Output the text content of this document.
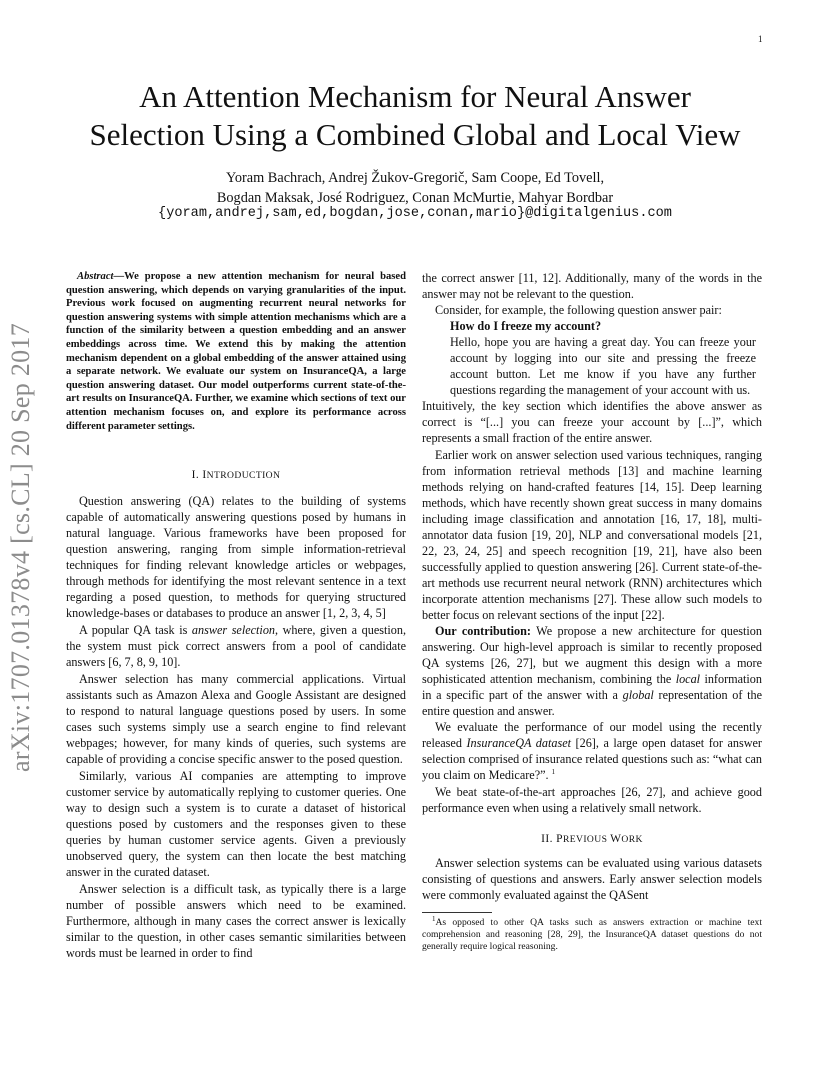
1
arXiv:1707.01378v4 [cs.CL] 20 Sep 2017
An Attention Mechanism for Neural Answer
Selection Using a Combined Global and Local View
Yoram Bachrach, Andrej Žukov-Gregorič, Sam Coope, Ed Tovell,
Bogdan Maksak, José Rodriguez, Conan McMurtie, Mahyar Bordbar
{yoram,andrej,sam,ed,bogdan,jose,conan,mario}@digitalgenius.com

Abstract—We propose a new attention mechanism for neural based question answering, which depends on varying granularities of the input. Previous work focused on augmenting recurrent neural networks for question answering systems with simple attention mechanisms which are a function of the similarity between a question embedding and an answer embeddings across time. We extend this by making the attention mechanism dependent on a global embedding of the answer attained using a separate network. We evaluate our system on InsuranceQA, a large question answering dataset. Our model outperforms current state-of-the-art results on InsuranceQA. Further, we examine which sections of text our attention mechanism focuses on, and explore its performance across different parameter settings.

I. INTRODUCTION

Question answering (QA) relates to the building of systems capable of automatically answering questions posed by humans in natural language. Various frameworks have been proposed for question answering, ranging from simple information-retrieval techniques for finding relevant knowledge articles or webpages, through methods for identifying the most relevant sentence in a text regarding a posed question, to methods for querying structured knowledge-bases or databases to produce an answer [1, 2, 3, 4, 5]

A popular QA task is answer selection, where, given a question, the system must pick correct answers from a pool of candidate answers [6, 7, 8, 9, 10].

Answer selection has many commercial applications. Virtual assistants such as Amazon Alexa and Google Assistant are designed to respond to natural language questions posed by users. In some cases such systems simply use a search engine to find relevant webpages; however, for many kinds of queries, such systems are capable of providing a concise specific answer to the posed question.

Similarly, various AI companies are attempting to improve customer service by automatically replying to customer queries. One way to design such a system is to curate a dataset of historical questions posed by customers and the responses given to these queries by human customer service agents. Given a previously unobserved query, the system can then locate the best matching answer in the curated dataset.

Answer selection is a difficult task, as typically there is a large number of possible answers which need to be examined. Furthermore, although in many cases the correct answer is lexically similar to the question, in other cases semantic similarities between words must be learned in order to find

the correct answer [11, 12]. Additionally, many of the words in the answer may not be relevant to the question.

Consider, for example, the following question answer pair:

How do I freeze my account?

Hello, hope you are having a great day. You can freeze your account by logging into our site and pressing the freeze account button. Let me know if you have any further questions regarding the management of your account with us.

Intuitively, the key section which identifies the above answer as correct is “[...] you can freeze your account by [...]”, which represents a small fraction of the entire answer.

Earlier work on answer selection used various techniques, ranging from information retrieval methods [13] and machine learning methods relying on hand-crafted features [14, 15]. Deep learning methods, which have recently shown great success in many domains including image classification and annotation [16, 17, 18], multi-annotator data fusion [19, 20], NLP and conversational models [21, 22, 23, 24, 25] and speech recognition [19, 21], have also been successfully applied to question answering [26]. Current state-of-the-art methods use recurrent neural network (RNN) architectures which incorporate attention mechanisms [27]. These allow such models to better focus on relevant sections of the input [22].

Our contribution: We propose a new architecture for question answering. Our high-level approach is similar to recently proposed QA systems [26, 27], but we augment this design with a more sophisticated attention mechanism, combining the local information in a specific part of the answer with a global representation of the entire question and answer.

We evaluate the performance of our model using the recently released InsuranceQA dataset [26], a large open dataset for answer selection comprised of insurance related questions such as: “what can you claim on Medicare?”. $^1$

We beat state-of-the-art approaches [26, 27], and achieve good performance even when using a relatively small network.

II. PREVIOUS WORK

Answer selection systems can be evaluated using various datasets consisting of questions and answers. Early answer selection models were commonly evaluated against the QASent

$^1$As opposed to other QA tasks such as answers extraction or machine text comprehension and reasoning [28, 29], the InsuranceQA dataset questions do not generally require logical reasoning.
